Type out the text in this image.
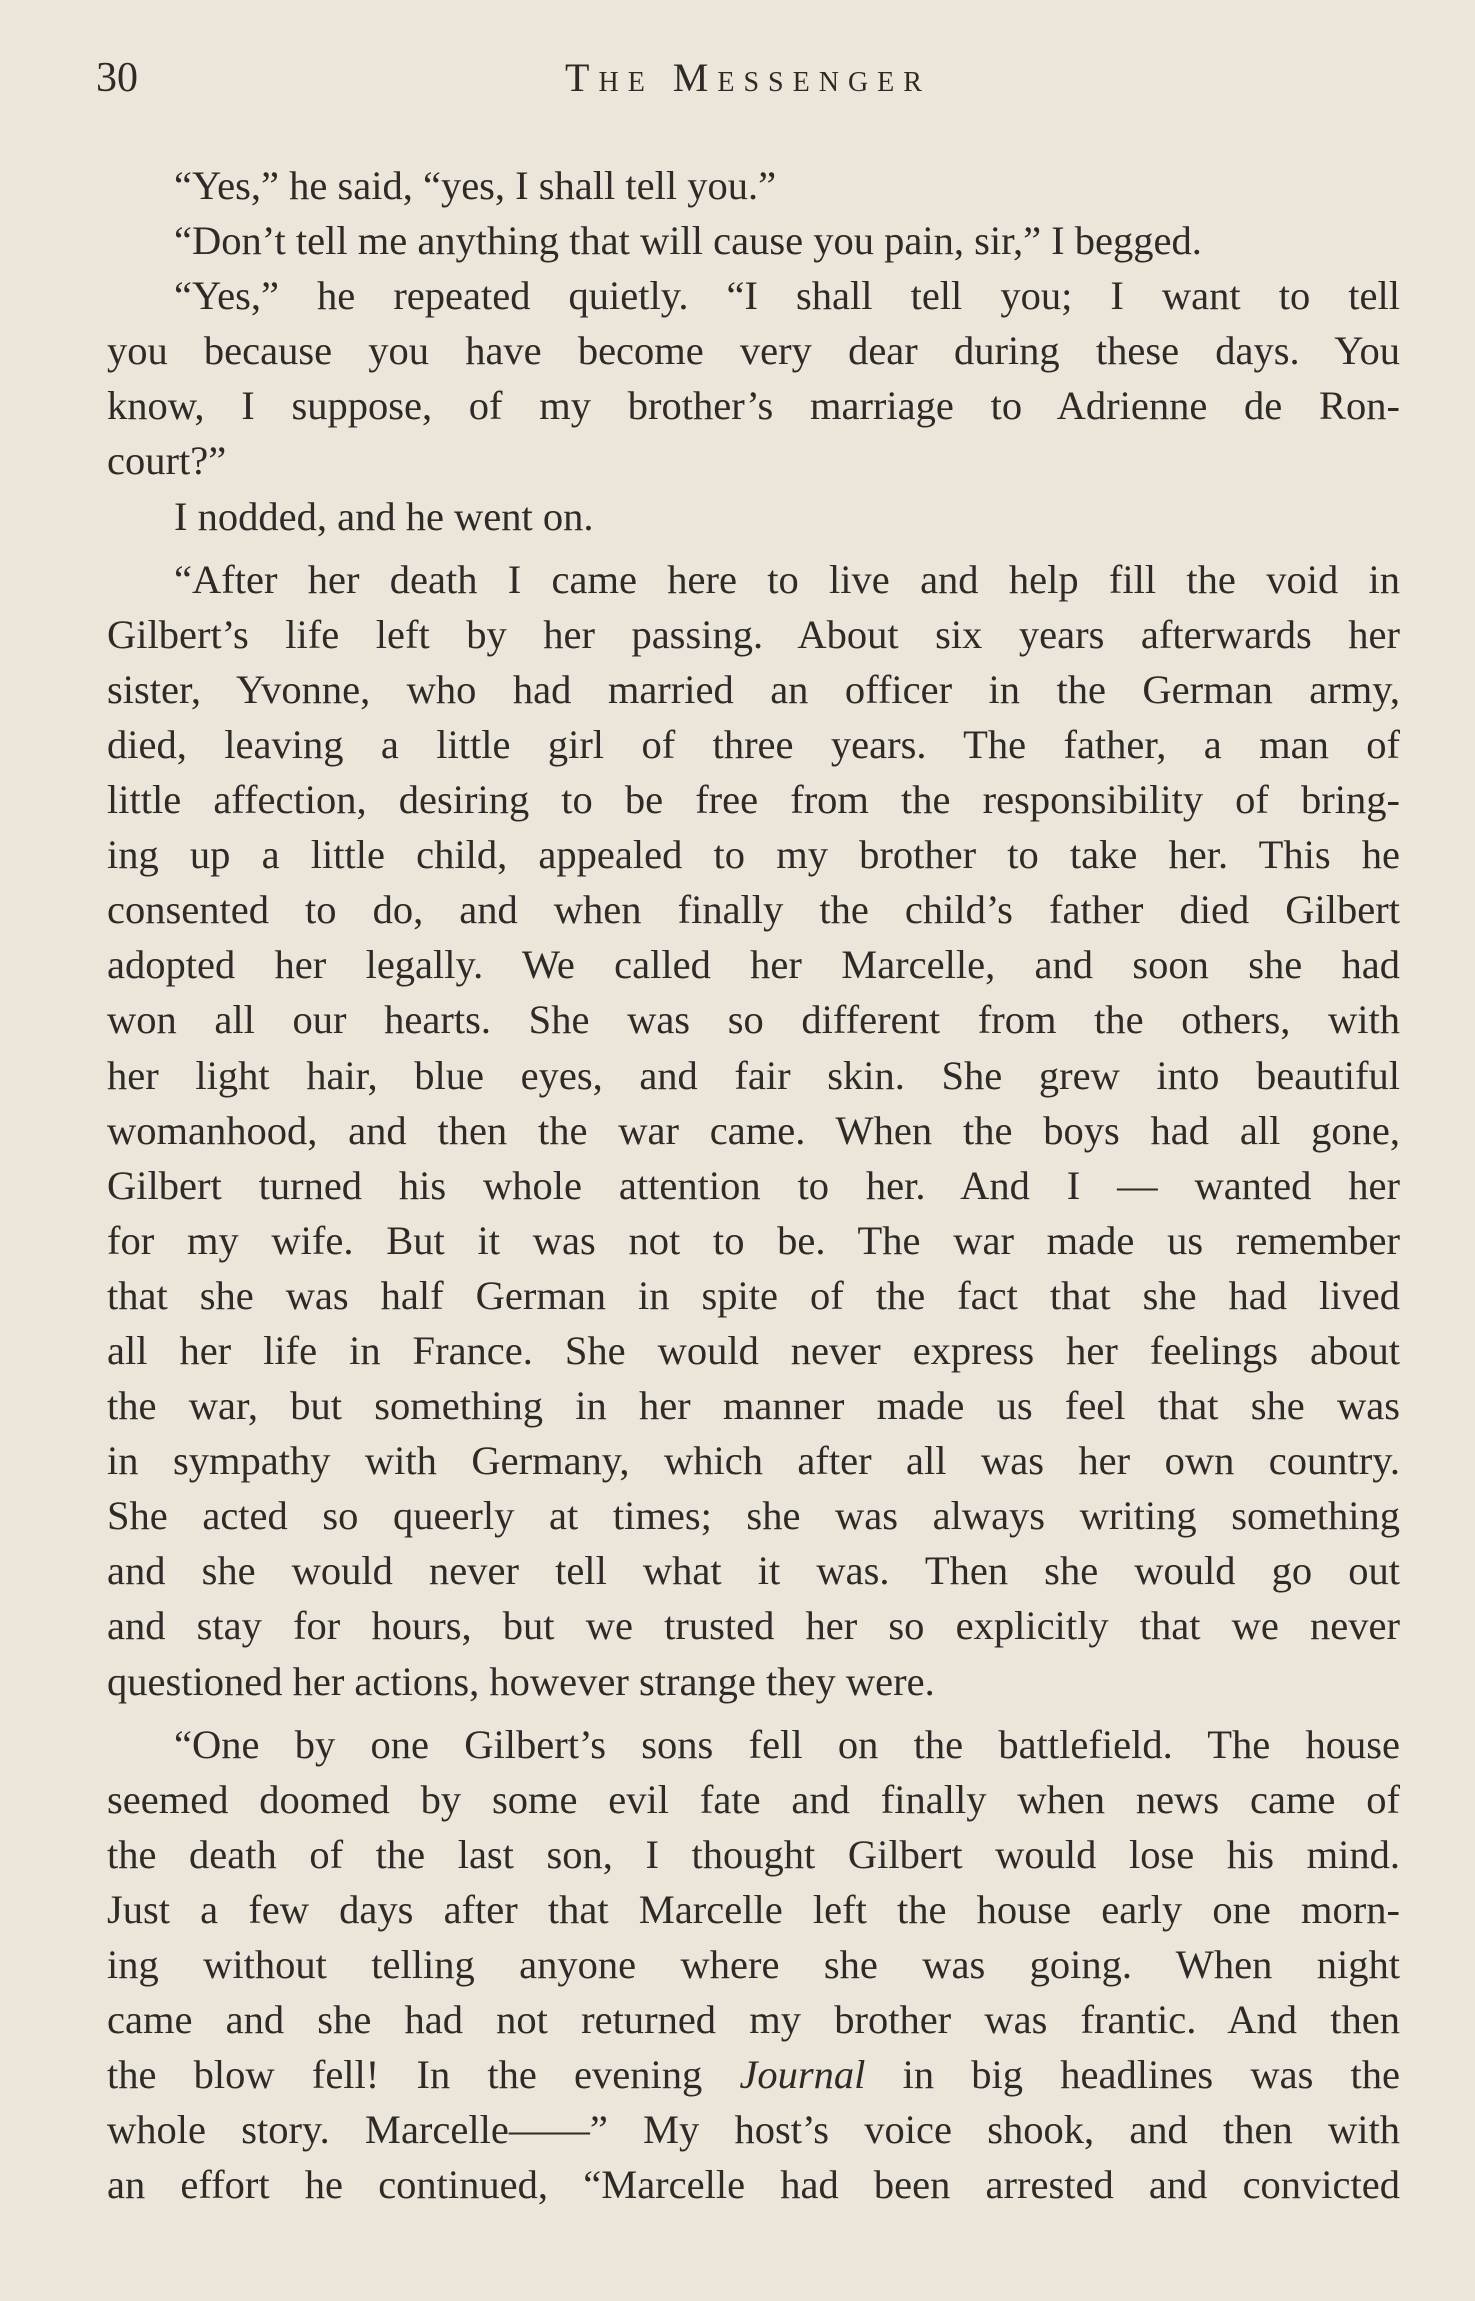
30	The Messenger
“Yes,” he said, “yes, I shall tell you.”
“Don’t tell me anything that will cause you pain, sir,” I begged.
“Yes,” he repeated quietly. “I shall tell you; I want to tell
you because you have become very dear during these days. You
know, I suppose, of my brother’s marriage to Adrienne de Ron-
court?”
I nodded, and he went on.
“After her death I came here to live and help fill the void in
Gilbert’s life left by her passing. About six years afterwards her
sister, Yvonne, who had married an officer in the German army,
died, leaving a little girl of three years. The father, a man of
little affection, desiring to be free from the responsibility of bring-
ing up a little child, appealed to my brother to take her. This he
consented to do, and when finally the child’s father died Gilbert
adopted her legally. We called her Marcelle, and soon she had
won all our hearts. She was so different from the others, with
her light hair, blue eyes, and fair skin. She grew into beautiful
womanhood, and then the war came. When the boys had all gone,
Gilbert turned his whole attention to her. And I — wanted her
for my wife. But it was not to be. The war made us remember
that she was half German in spite of the fact that she had lived
all her life in France. She would never express her feelings about
the war, but something in her manner made us feel that she was
in sympathy with Germany, which after all was her own country.
She acted so queerly at times; she was always writing something
and she would never tell what it was. Then she would go out
and stay for hours, but we trusted her so explicitly that we never
questioned her actions, however strange they were.
“One by one Gilbert’s sons fell on the battlefield. The house
seemed doomed by some evil fate and finally when news came of
the death of the last son, I thought Gilbert would lose his mind.
Just a few days after that Marcelle left the house early one morn-
ing without telling anyone where she was going. When night
came and she had not returned my brother was frantic. And then
the blow fell! In the evening Journal in big headlines was the
whole story. Marcelle——” My host’s voice shook, and then with
an effort he continued, “Marcelle had been arrested and convicted
